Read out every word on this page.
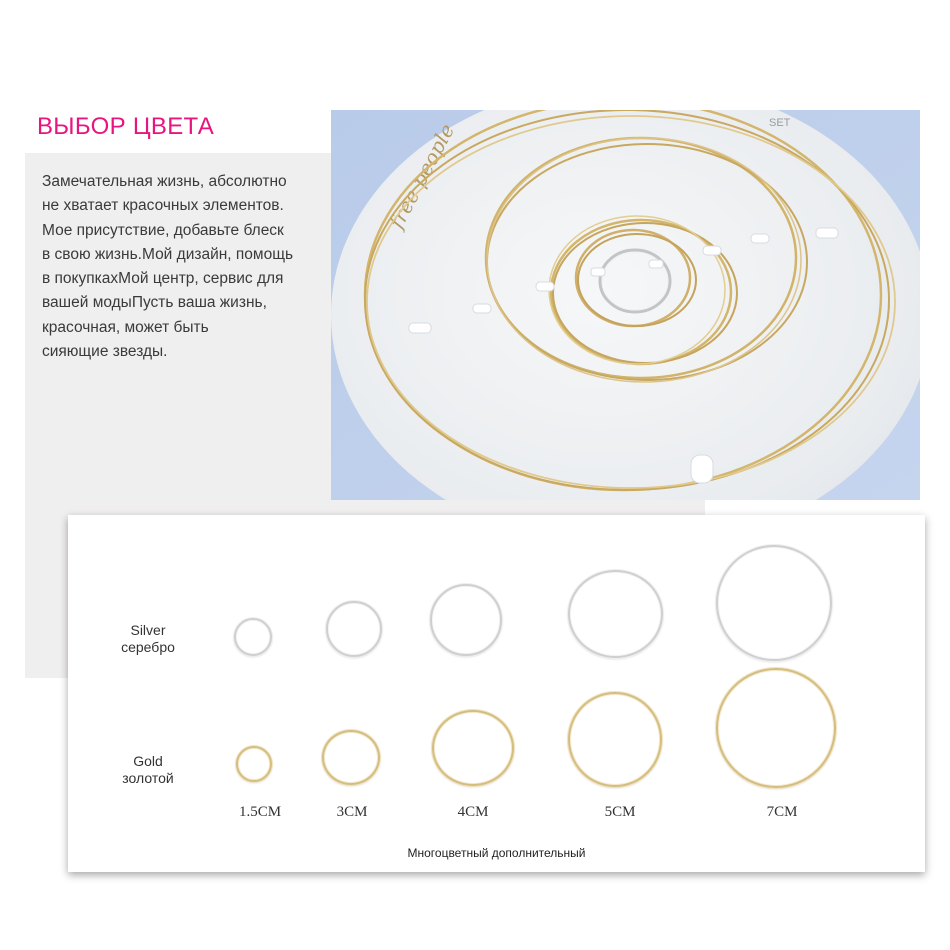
ВЫБОР ЦВЕТА

Замечательная жизнь, абсолютно
не хватает красочных элементов.
Мое присутствие, добавьте блеск
в свою жизнь.Мой дизайн, помощь
в покупкахМой центр, сервис для
вашей модыПусть ваша жизнь,
красочная, может быть
сияющие звезды.

free people	SET
Silver
серебро
Gold
золотой
1.5CM	3CM	4CM	5CM	7CM
Многоцветный дополнительный
